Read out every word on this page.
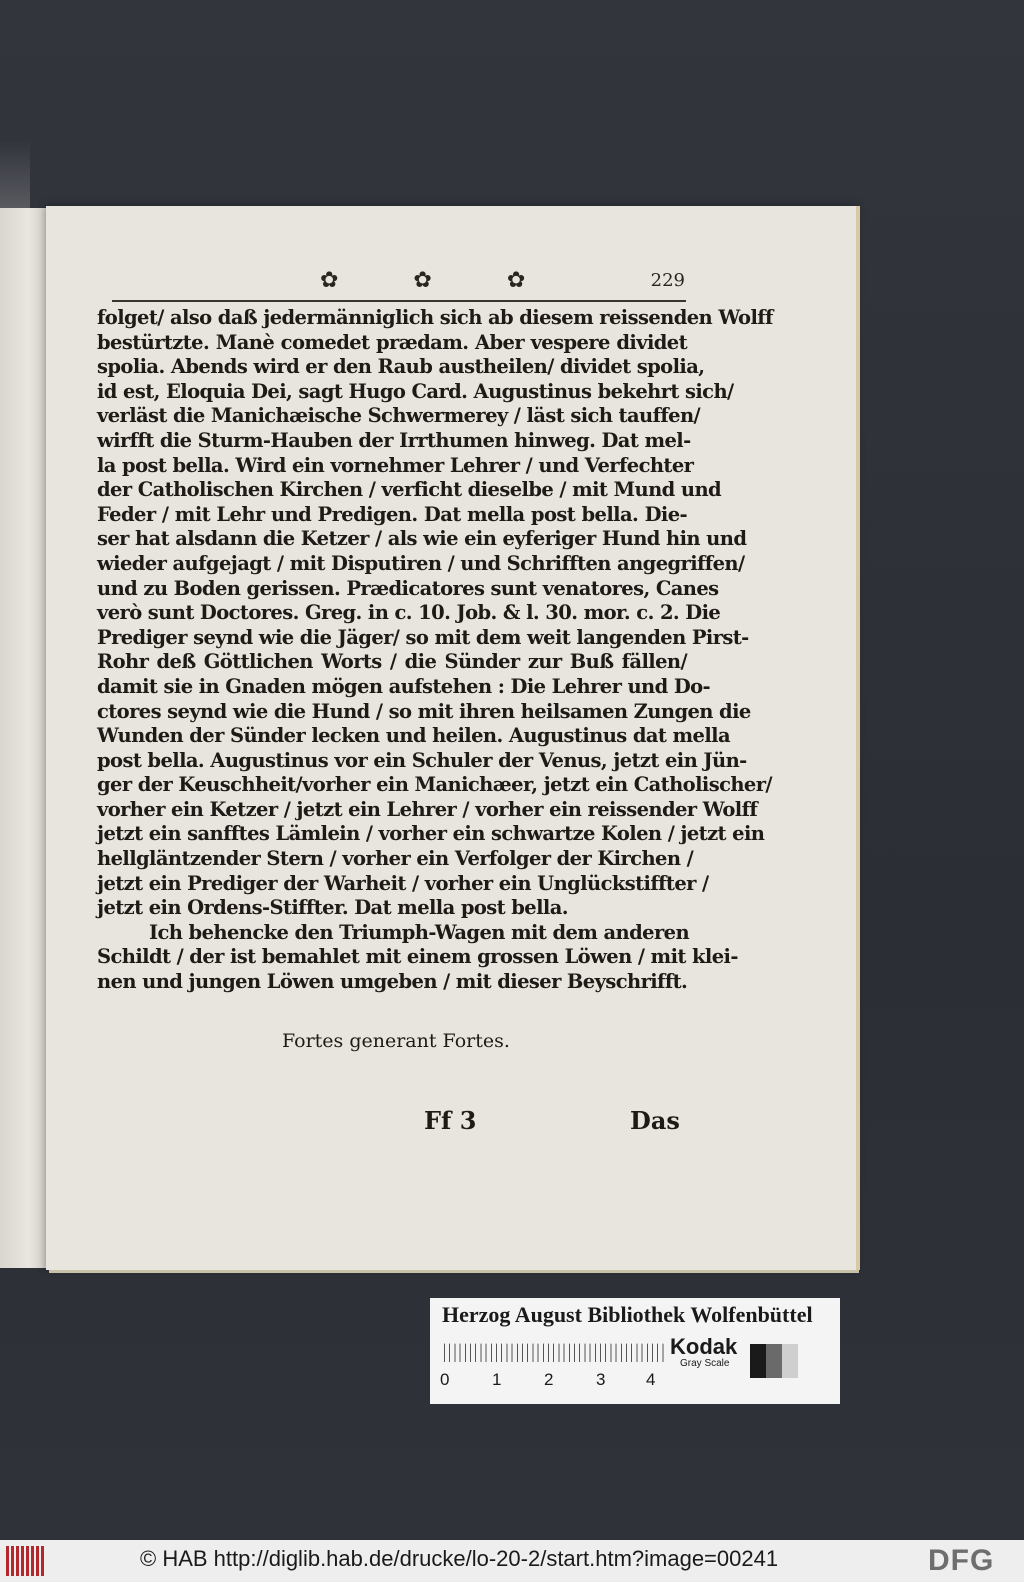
✿ ✿ ✿	229
folget/ also daß jedermänniglich sich ab diesem reissenden Wolff
bestürtzte. Manè comedet prædam. Aber vespere dividet
spolia. Abends wird er den Raub austheilen/ dividet spolia,
id est, Eloquia Dei, sagt Hugo Card. Augustinus bekehrt sich/
verläst die Manichæische Schwermerey / läst sich tauffen/
wirfft die Sturm-Hauben der Irrthumen hinweg. Dat mel-
la post bella. Wird ein vornehmer Lehrer / und Verfechter
der Catholischen Kirchen / verficht dieselbe / mit Mund und
Feder / mit Lehr und Predigen. Dat mella post bella. Die-
ser hat alsdann die Ketzer / als wie ein eyferiger Hund hin und
wieder aufgejagt / mit Disputiren / und Schrifften angegriffen/
und zu Boden gerissen. Prædicatores sunt venatores, Canes
verò sunt Doctores. Greg. in c. 10. Job. & l. 30. mor. c. 2. Die
Prediger seynd wie die Jäger/ so mit dem weit langenden Pirst-
Rohr deß Göttlichen Worts / die Sünder zur Buß fällen/
damit sie in Gnaden mögen aufstehen : Die Lehrer und Do-
ctores seynd wie die Hund / so mit ihren heilsamen Zungen die
Wunden der Sünder lecken und heilen. Augustinus dat mella
post bella. Augustinus vor ein Schuler der Venus, jetzt ein Jün-
ger der Keuschheit/vorher ein Manichæer, jetzt ein Catholischer/
vorher ein Ketzer / jetzt ein Lehrer / vorher ein reissender Wolff
jetzt ein sanfftes Lämlein / vorher ein schwartze Kolen / jetzt ein
hellgläntzender Stern / vorher ein Verfolger der Kirchen /
jetzt ein Prediger der Warheit / vorher ein Unglückstiffter /
jetzt ein Ordens-Stiffter. Dat mella post bella.
Ich behencke den Triumph-Wagen mit dem anderen
Schildt / der ist bemahlet mit einem grossen Löwen / mit klei-
nen und jungen Löwen umgeben / mit dieser Beyschrifft.
Fortes generant Fortes.
Ff 3	Das
Herzog August Bibliothek Wolfenbüttel
0	1	2	3 4
Kodak
Gray Scale
© HAB http://diglib.hab.de/drucke/lo-20-2/start.htm?image=00241	DFG
